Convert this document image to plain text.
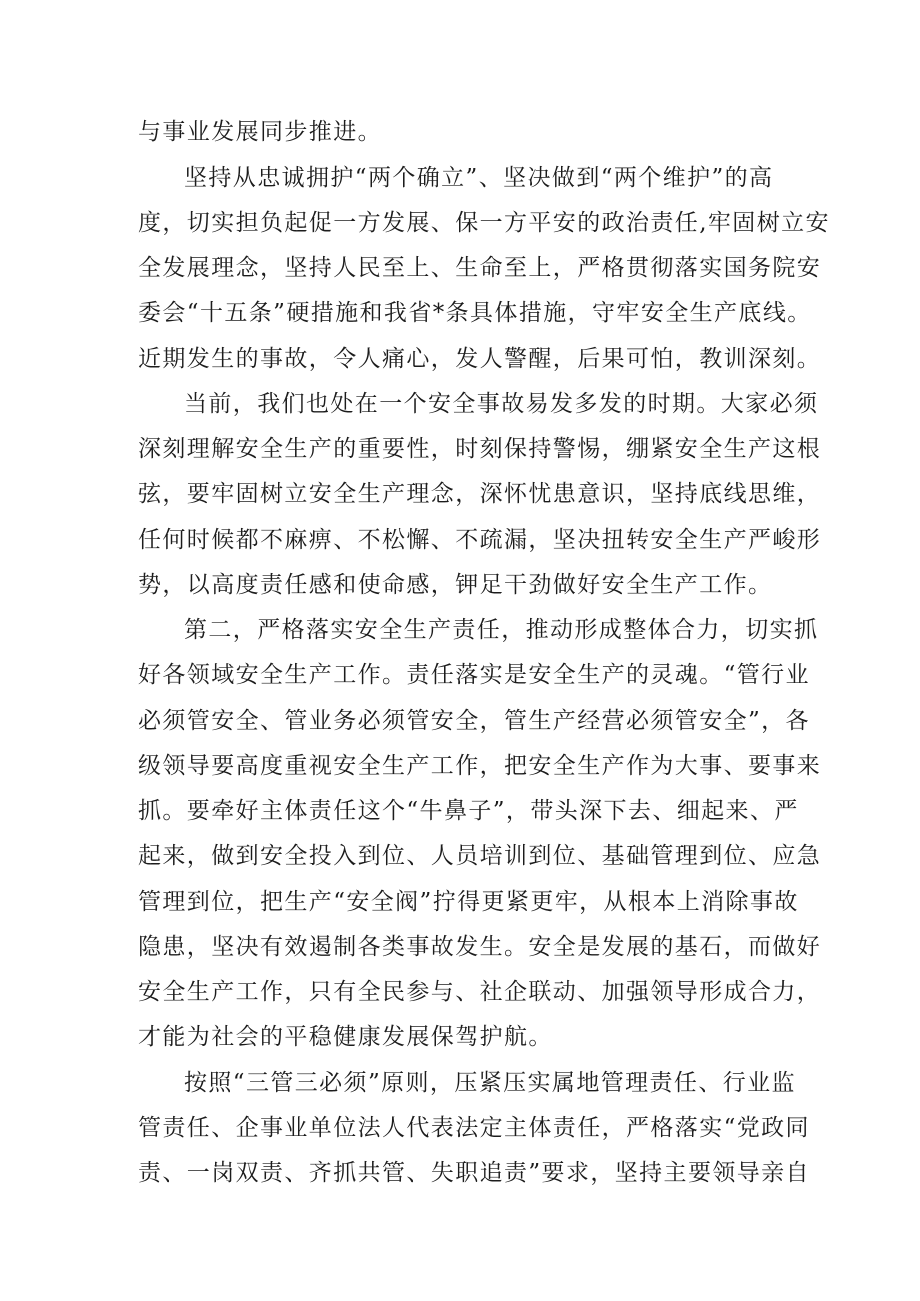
与事业发展同步推进。
坚持从忠诚拥护“两个确立”、坚决做到“两个维护”的高
度，切实担负起促一方发展、保一方平安的政治责任,牢固树立安
全发展理念，坚持人民至上、生命至上，严格贯彻落实国务院安
委会“十五条”硬措施和我省*条具体措施，守牢安全生产底线。
近期发生的事故，令人痛心，发人警醒，后果可怕，教训深刻。
当前，我们也处在一个安全事故易发多发的时期。大家必须
深刻理解安全生产的重要性，时刻保持警惕，绷紧安全生产这根
弦，要牢固树立安全生产理念，深怀忧患意识，坚持底线思维，
任何时候都不麻痹、不松懈、不疏漏，坚决扭转安全生产严峻形
势，以高度责任感和使命感，钾足干劲做好安全生产工作。
第二，严格落实安全生产责任，推动形成整体合力，切实抓
好各领域安全生产工作。责任落实是安全生产的灵魂。“管行业
必须管安全、管业务必须管安全，管生产经营必须管安全”，各
级领导要高度重视安全生产工作，把安全生产作为大事、要事来
抓。要牵好主体责任这个“牛鼻子”，带头深下去、细起来、严
起来，做到安全投入到位、人员培训到位、基础管理到位、应急
管理到位，把生产“安全阀”拧得更紧更牢，从根本上消除事故
隐患，坚决有效遏制各类事故发生。安全是发展的基石，而做好
安全生产工作，只有全民参与、社企联动、加强领导形成合力，
才能为社会的平稳健康发展保驾护航。
按照“三管三必须”原则，压紧压实属地管理责任、行业监
管责任、企事业单位法人代表法定主体责任，严格落实“党政同
责、一岗双责、齐抓共管、失职追责”要求，坚持主要领导亲自
